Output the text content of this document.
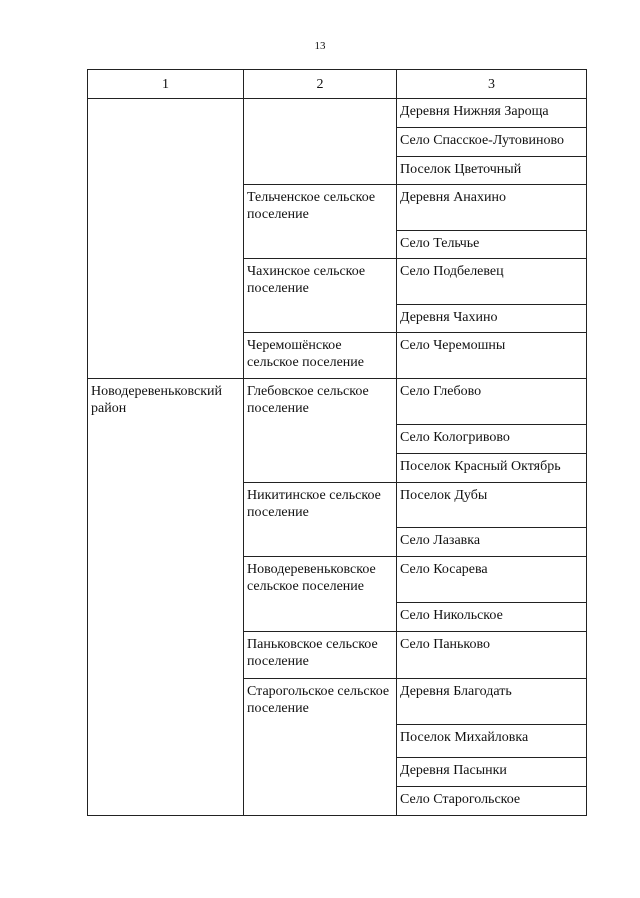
13
1	2	3

		Деревня Нижняя Зароща

		Село Спасское-Лутовиново

		Поселок Цветочный

	Тельченское сельское поселение	Деревня Анахино

		Село Тельчье

	Чахинское сельское поселение	Село Подбелевец

		Деревня Чахино

	Черемошёнское сельское поселение	Село Черемошны

Новодеревеньковский район	Глебовское сельское поселение	Село Глебово

		Село Кологривово

		Поселок Красный Октябрь

	Никитинское сельское поселение	Поселок Дубы

		Село Лазавка

	Новодеревеньковское сельское поселение	Село Косарева

		Село Никольское

	Паньковское сельское поселение	Село Паньково

	Старогольское сельское поселение	Деревня Благодать

		Поселок Михайловка

		Деревня Пасынки

		Село Старогольское
